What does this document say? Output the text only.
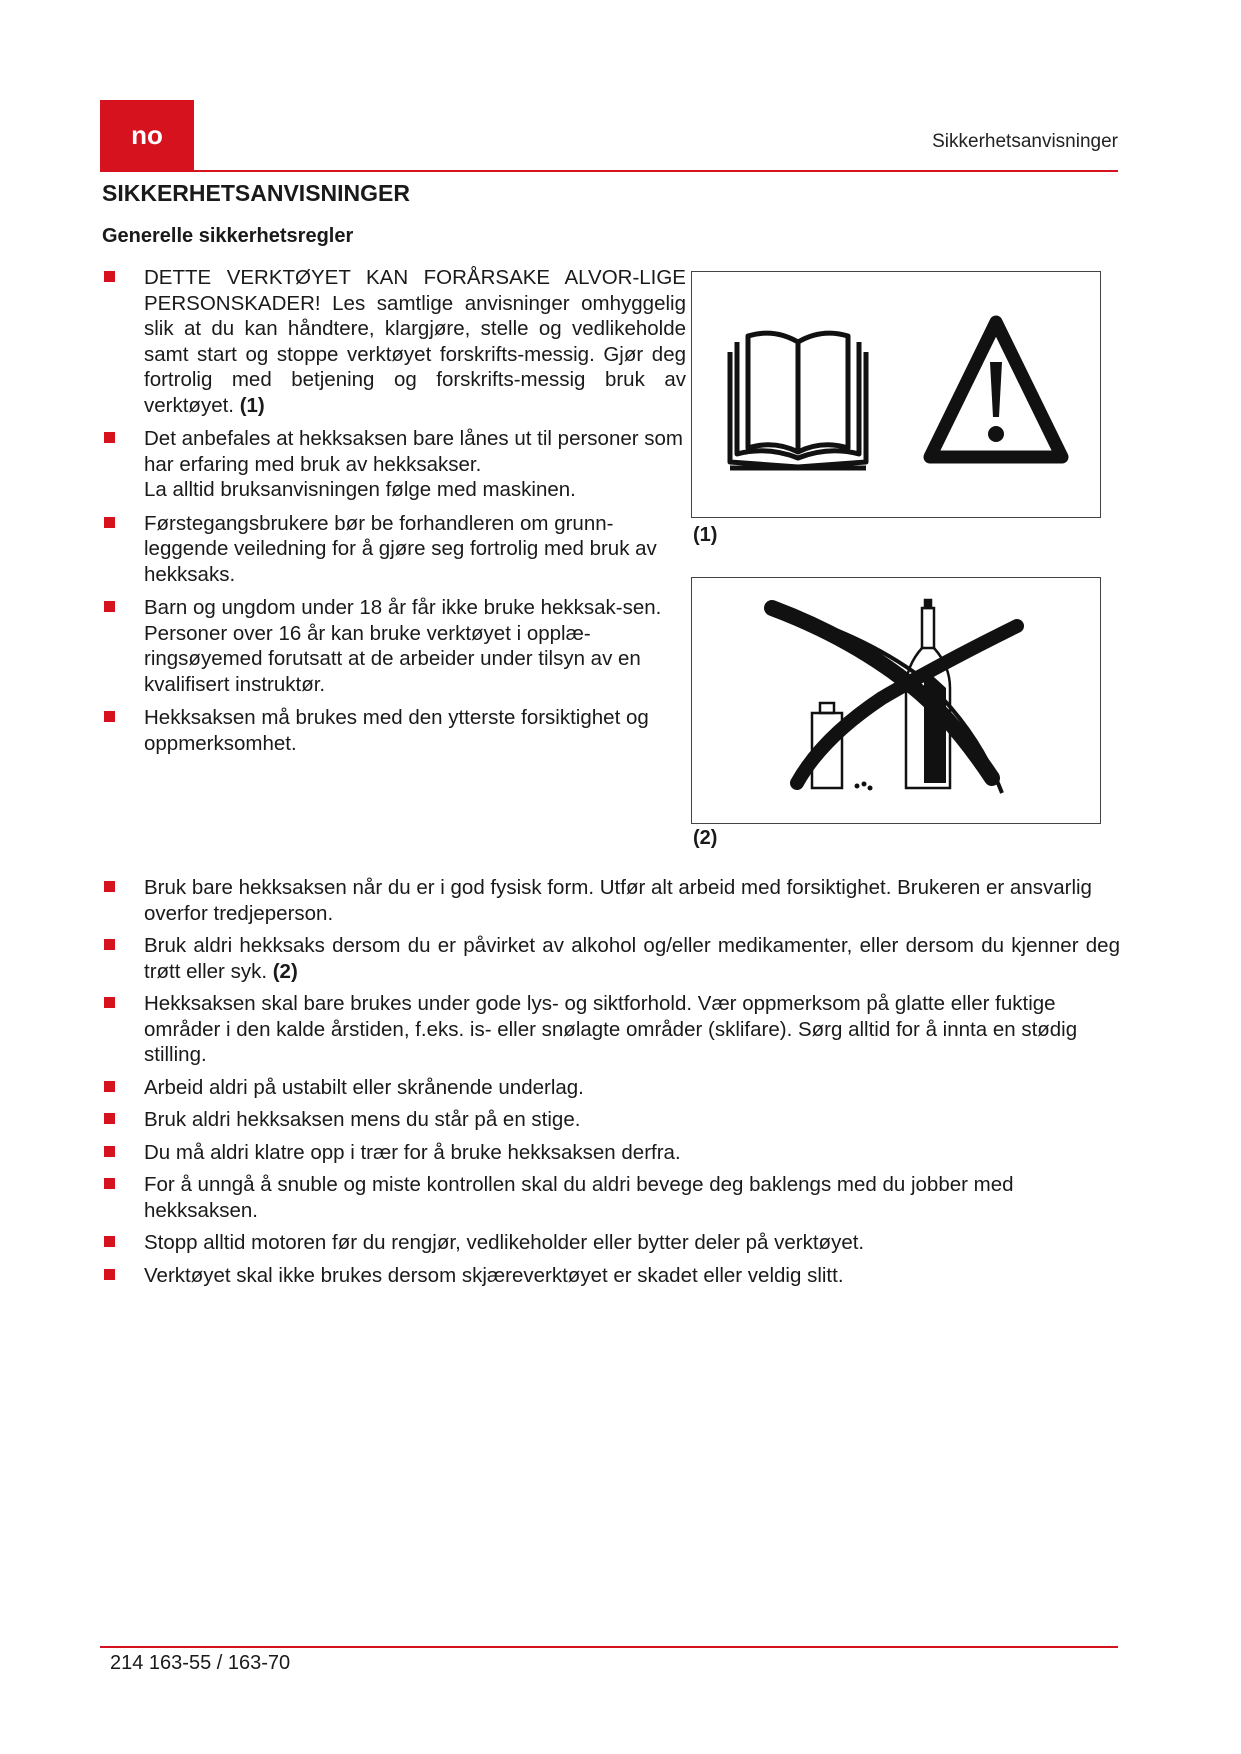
no	Sikkerhetsanvisninger
SIKKERHETSANVISNINGER
Generelle sikkerhetsregler
DETTE VERKTØYET KAN FORÅRSAKE ALVOR-LIGE PERSONSKADER! Les samtlige anvisninger omhyggelig slik at du kan håndtere, klargjøre, stelle og vedlikeholde samt start og stoppe verktøyet forskrifts-messig. Gjør deg fortrolig med betjening og forskrifts-messig bruk av verktøyet. (1)
Det anbefales at hekksaksen bare lånes ut til personer som har erfaring med bruk av hekksakser.
La alltid bruksanvisningen følge med maskinen.
Førstegangsbrukere bør be forhandleren om grunn-leggende veiledning for å gjøre seg fortrolig med bruk av hekksaks.
Barn og ungdom under 18 år får ikke bruke hekksak-sen. Personer over 16 år kan bruke verktøyet i opplæ-ringsøyemed forutsatt at de arbeider under tilsyn av en kvalifisert instruktør.
Hekksaksen må brukes med den ytterste forsiktighet og oppmerksomhet.
(1)
(2)
Bruk bare hekksaksen når du er i god fysisk form. Utfør alt arbeid med forsiktighet. Brukeren er ansvarlig overfor tredjeperson.
Bruk aldri hekksaks dersom du er påvirket av alkohol og/eller medikamenter, eller dersom du kjenner deg trøtt eller syk. (2)
Hekksaksen skal bare brukes under gode lys- og siktforhold. Vær oppmerksom på glatte eller fuktige områder i den kalde årstiden, f.eks. is- eller snølagte områder (sklifare). Sørg alltid for å innta en stødig stilling.
Arbeid aldri på ustabilt eller skrånende underlag.
Bruk aldri hekksaksen mens du står på en stige.
Du må aldri klatre opp i trær for å bruke hekksaksen derfra.
For å unngå å snuble og miste kontrollen skal du aldri bevege deg baklengs med du jobber med hekksaksen.
Stopp alltid motoren før du rengjør, vedlikeholder eller bytter deler på verktøyet.
Verktøyet skal ikke brukes dersom skjæreverktøyet er skadet eller veldig slitt.
214 163-55 / 163-70
